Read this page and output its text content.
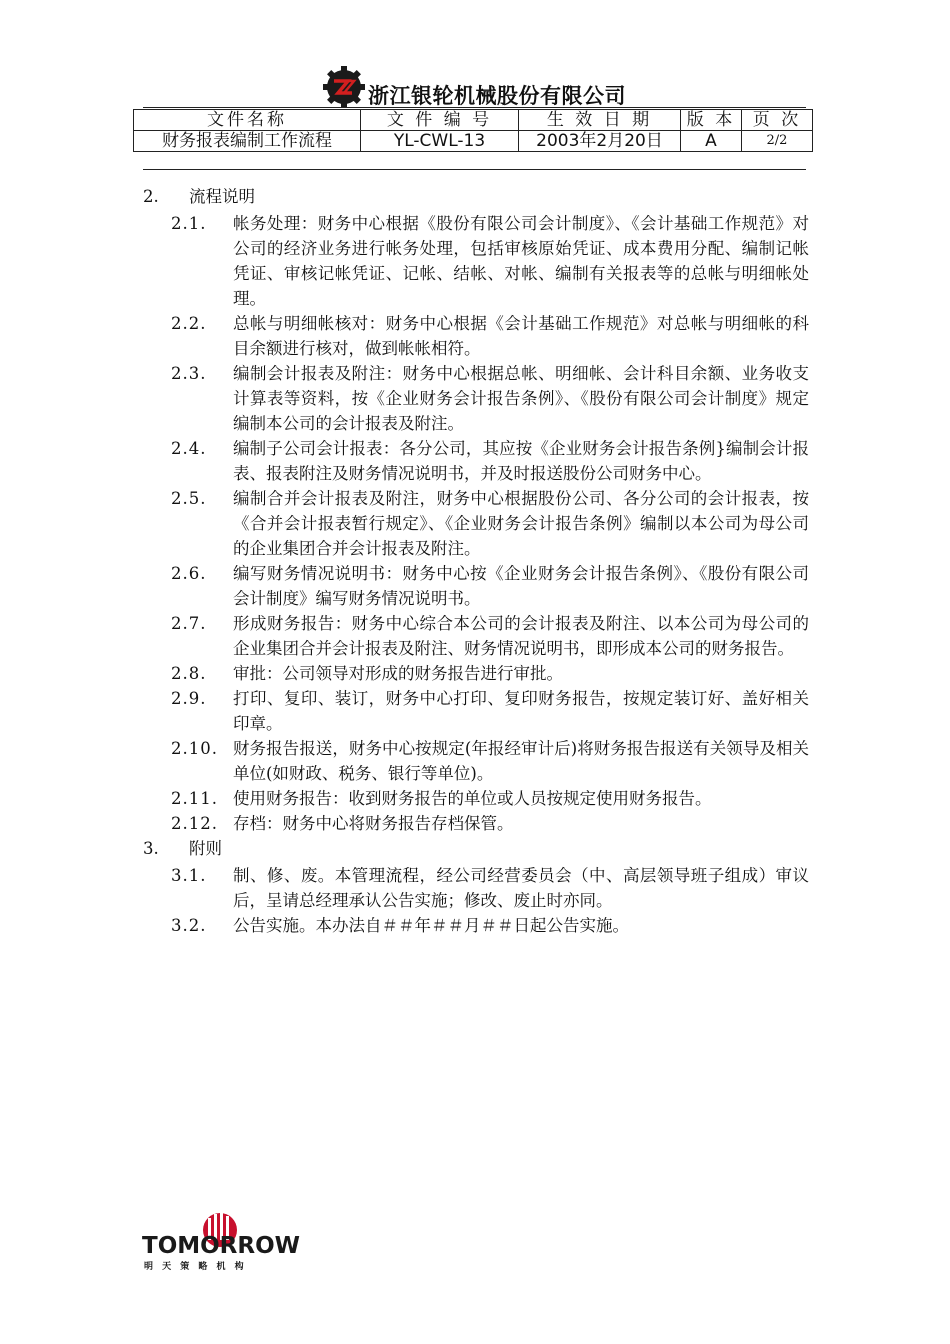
浙江银轮机械股份有限公司
文件名称	文 件 编 号	生 效 日 期	版 本	页 次
财务报表编制工作流程	YL-CWL-13	2003年2月20日	A	2/2
2.	流程说明
2.1.	帐务处理：财务中心根据《股份有限公司会计制度》、《会计基础工作规范》对公司的经济业务进行帐务处理，包括审核原始凭证、成本费用分配、编制记帐凭证、审核记帐凭证、记帐、结帐、对帐、编制有关报表等的总帐与明细帐处理。
2.2.	总帐与明细帐核对：财务中心根据《会计基础工作规范》对总帐与明细帐的科目余额进行核对，做到帐帐相符。
2.3.	编制会计报表及附注：财务中心根据总帐、明细帐、会计科目余额、业务收支计算表等资料，按《企业财务会计报告条例》、《股份有限公司会计制度》规定编制本公司的会计报表及附注。
2.4.	编制子公司会计报表：各分公司，其应按《企业财务会计报告条例}编制会计报表、报表附注及财务情况说明书，并及时报送股份公司财务中心。
2.5.	编制合并会计报表及附注，财务中心根据股份公司、各分公司的会计报表，按《合并会计报表暂行规定》、《企业财务会计报告条例》编制以本公司为母公司的企业集团合并会计报表及附注。
2.6.	编写财务情况说明书：财务中心按《企业财务会计报告条例》、《股份有限公司会计制度》编写财务情况说明书。
2.7.	形成财务报告：财务中心综合本公司的会计报表及附注、以本公司为母公司的企业集团合并会计报表及附注、财务情况说明书，即形成本公司的财务报告。
2.8.	审批：公司领导对形成的财务报告进行审批。
2.9.	打印、复印、装订，财务中心打印、复印财务报告，按规定装订好、盖好相关印章。
2.10. 财务报告报送，财务中心按规定(年报经审计后)将财务报告报送有关领导及相关单位(如财政、税务、银行等单位)。
2.11. 使用财务报告：收到财务报告的单位或人员按规定使用财务报告。
2.12. 存档：财务中心将财务报告存档保管。
3.	附则
3.1.	制、修、废。本管理流程，经公司经营委员会（中、高层领导班子组成）审议后，呈请总经理承认公告实施；修改、废止时亦同。
3.2.	公告实施。本办法自＃＃年＃＃月＃＃日起公告实施。
TOMORROW
明 天 策 略 机 构
